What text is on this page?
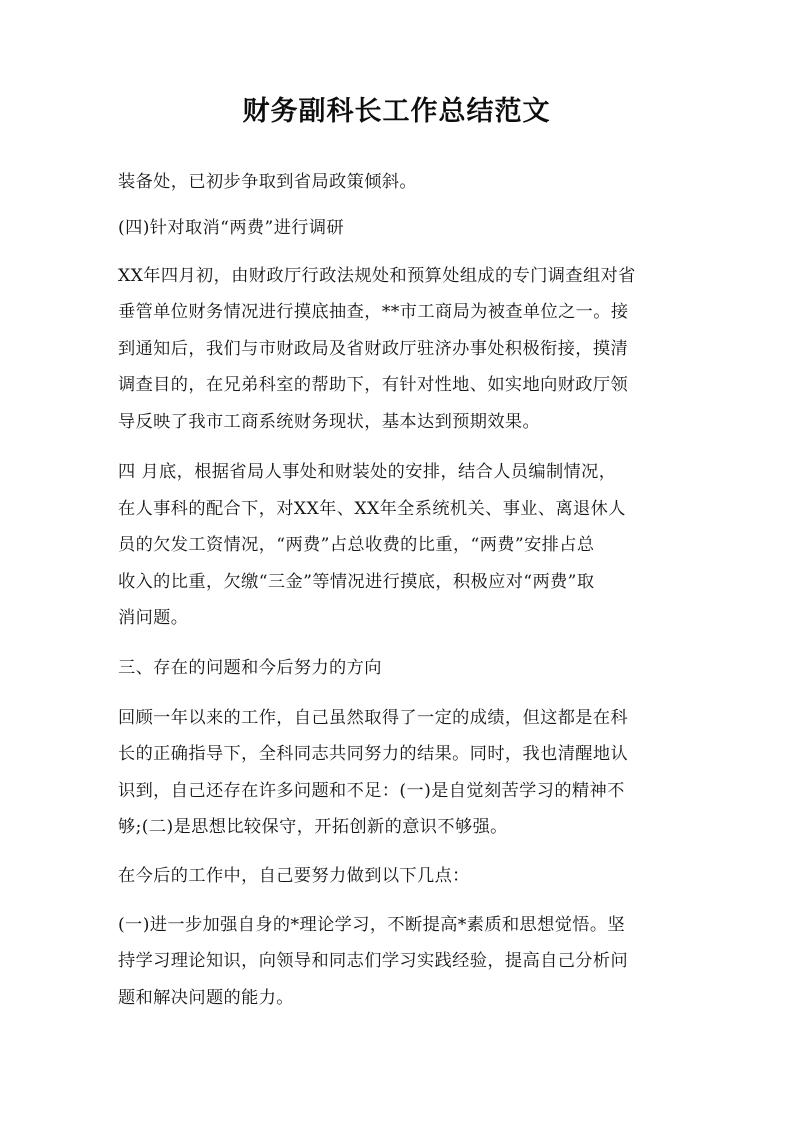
财务副科长工作总结范文
装备处，已初步争取到省局政策倾斜。
(四)针对取消“两费”进行调研
XX年四月初，由财政厅行政法规处和预算处组成的专门调查组对省
垂管单位财务情况进行摸底抽查，**市工商局为被查单位之一。接
到通知后，我们与市财政局及省财政厅驻济办事处积极衔接，摸清
调查目的，在兄弟科室的帮助下，有针对性地、如实地向财政厅领
导反映了我市工商系统财务现状，基本达到预期效果。
四 月底，根据省局人事处和财装处的安排，结合人员编制情况，
在人事科的配合下，对XX年、XX年全系统机关、事业、离退休人
员的欠发工资情况，“两费”占总收费的比重，“两费”安排占总
收入的比重，欠缴“三金”等情况进行摸底，积极应对“两费”取
消问题。
三、存在的问题和今后努力的方向
回顾一年以来的工作，自己虽然取得了一定的成绩，但这都是在科
长的正确指导下，全科同志共同努力的结果。同时，我也清醒地认
识到，自己还存在许多问题和不足：(一)是自觉刻苦学习的精神不
够;(二)是思想比较保守，开拓创新的意识不够强。
在今后的工作中，自己要努力做到以下几点：
(一)进一步加强自身的*理论学习，不断提高*素质和思想觉悟。坚
持学习理论知识，向领导和同志们学习实践经验，提高自己分析问
题和解决问题的能力。
